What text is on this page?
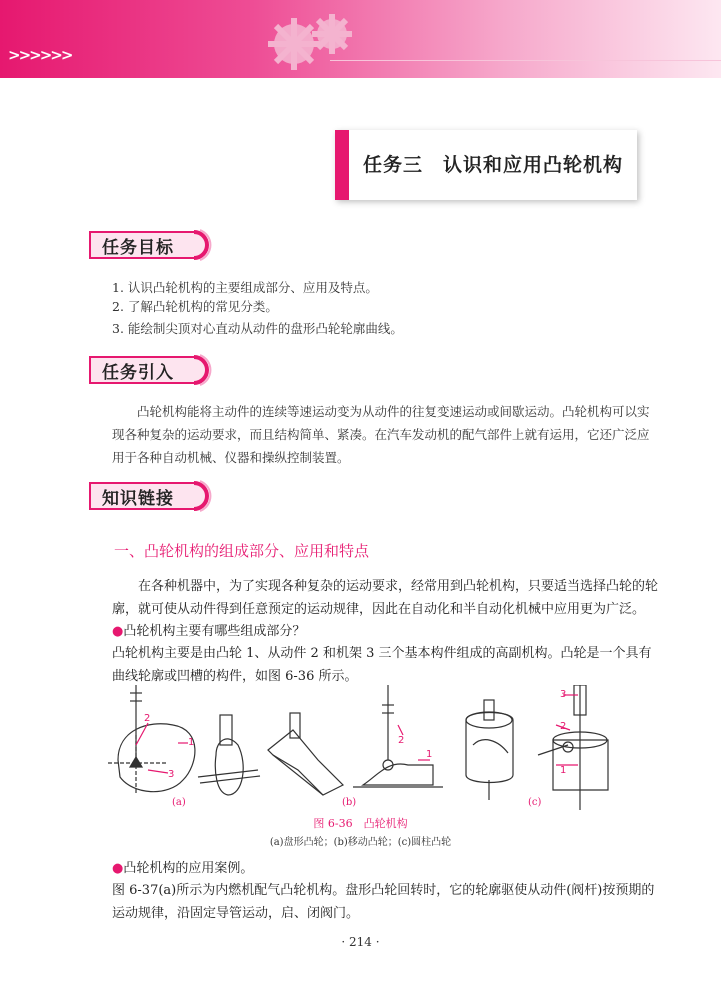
>>>>>>
任务三　认识和应用凸轮机构
任务目标
1. 认识凸轮机构的主要组成部分、应用及特点。
2. 了解凸轮机构的常见分类。
3. 能绘制尖顶对心直动从动件的盘形凸轮轮廓曲线。
任务引入
凸轮机构能将主动件的连续等速运动变为从动件的往复变速运动或间歇运动。凸轮机构可以实现各种复杂的运动要求，而且结构简单、紧凑。在汽车发动机的配气部件上就有运用，它还广泛应用于各种自动机械、仪器和操纵控制装置。
知识链接
一、凸轮机构的组成部分、应用和特点
在各种机器中，为了实现各种复杂的运动要求，经常用到凸轮机构，只要适当选择凸轮的轮廓，就可使从动件得到任意预定的运动规律，因此在自动化和半自动化机械中应用更为广泛。
●凸轮机构主要有哪些组成部分？
凸轮机构主要是由凸轮 1、从动件 2 和机架 3 三个基本构件组成的高副机构。凸轮是一个具有曲线轮廓或凹槽的构件，如图 6-36 所示。
2
1
3
2
1
3
2
1
(a)	(b)	(c)
图 6-36　凸轮机构
(a)盘形凸轮；(b)移动凸轮；(c)圆柱凸轮
●凸轮机构的应用案例。
图 6-37(a)所示为内燃机配气凸轮机构。盘形凸轮回转时，它的轮廓驱使从动件(阀杆)按预期的运动规律，沿固定导管运动，启、闭阀门。
· 214 ·
